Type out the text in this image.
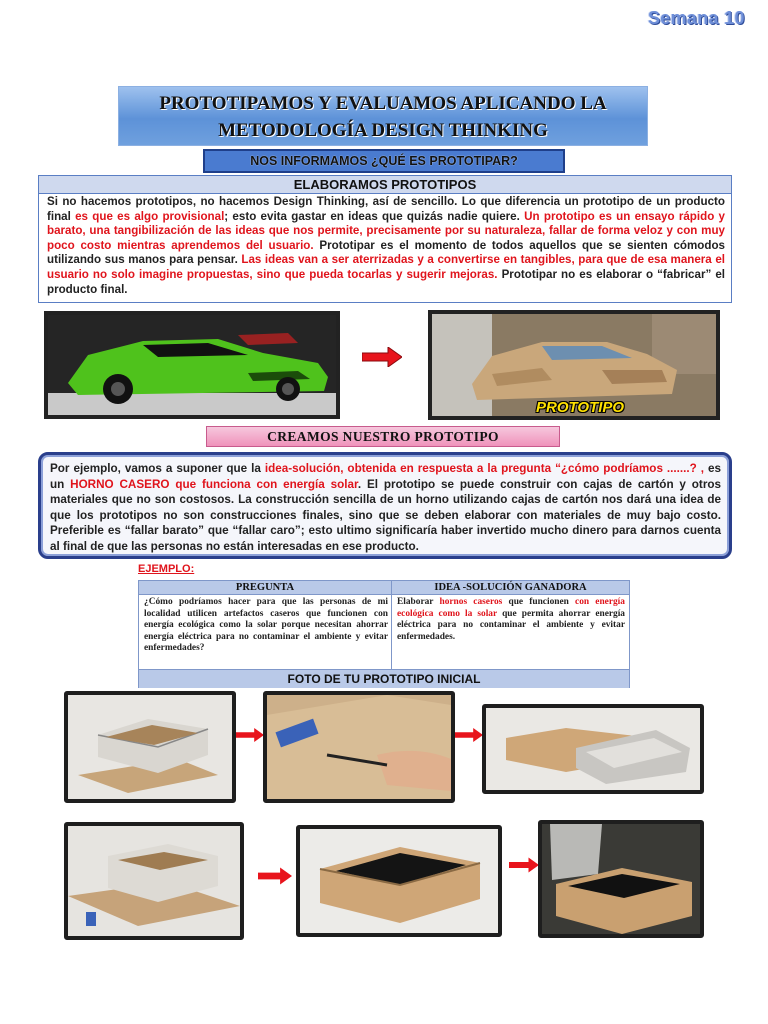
Semana 10
PROTOTIPAMOS Y EVALUAMOS APLICANDO LA
METODOLOGÍA DESIGN THINKING
NOS INFORMAMOS ¿QUÉ ES PROTOTIPAR?
ELABORAMOS PROTOTIPOS
Si no hacemos prototipos, no hacemos Design Thinking, así de sencillo. Lo que diferencia un prototipo de un producto final es que es algo provisional; esto evita gastar en ideas que quizás nadie quiere. Un prototipo es un ensayo rápido y barato, una tangibilización de las ideas que nos permite, precisamente por su naturaleza, fallar de forma veloz y con muy poco costo mientras aprendemos del usuario. Prototipar es el momento de todos aquellos que se sienten cómodos utilizando sus manos para pensar. Las ideas van a ser aterrizadas y a convertirse en tangibles, para que de esa manera el usuario no solo imagine propuestas, sino que pueda tocarlas y sugerir mejoras. Prototipar no es elaborar o “fabricar” el producto final.
PROTOTIPO
CREAMOS NUESTRO PROTOTIPO
Por ejemplo, vamos a suponer que la idea-solución, obtenida en respuesta a la pregunta “¿cómo podríamos .......? , es un HORNO CASERO que funciona con energía solar. El prototipo se puede construir con cajas de cartón y otros materiales que no son costosos. La construcción sencilla de un horno utilizando cajas de cartón nos dará una idea de que los prototipos no son construcciones finales, sino que se deben elaborar con materiales de muy bajo costo. Preferible es “fallar barato” que “fallar caro”; esto ultimo significaría haber invertido mucho dinero para darnos cuenta al final de que las personas no están interesadas en ese producto.
EJEMPLO:
PREGUNTA	IDEA -SOLUCIÓN GANADORA
¿Cómo podríamos hacer para que las personas de mi localidad utilicen artefactos caseros que funcionen con energía ecológica como la solar porque necesitan ahorrar energía eléctrica para no contaminar el ambiente y evitar enfermedades?
Elaborar hornos caseros que funcionen con energía ecológica como la solar que permita ahorrar energía eléctrica para no contaminar el ambiente y evitar enfermedades.
FOTO DE TU PROTOTIPO INICIAL
